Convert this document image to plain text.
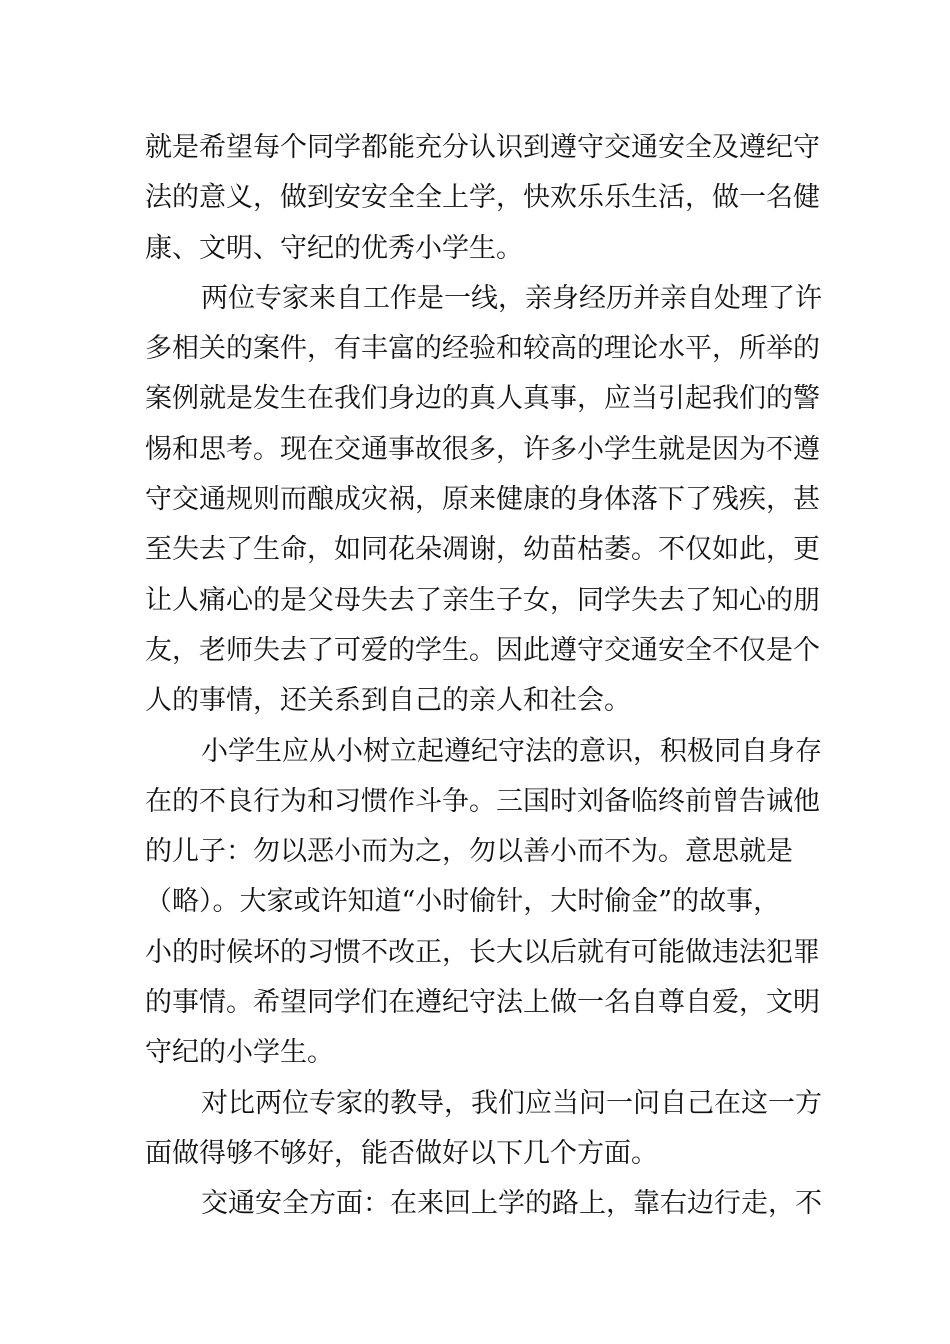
就是希望每个同学都能充分认识到遵守交通安全及遵纪守
法的意义，做到安安全全上学，快欢乐乐生活，做一名健
康、文明、守纪的优秀小学生。
两位专家来自工作是一线，亲身经历并亲自处理了许
多相关的案件，有丰富的经验和较高的理论水平，所举的
案例就是发生在我们身边的真人真事，应当引起我们的警
惕和思考。现在交通事故很多，许多小学生就是因为不遵
守交通规则而酿成灾祸，原来健康的身体落下了残疾，甚
至失去了生命，如同花朵凋谢，幼苗枯萎。不仅如此，更
让人痛心的是父母失去了亲生子女，同学失去了知心的朋
友，老师失去了可爱的学生。因此遵守交通安全不仅是个
人的事情，还关系到自己的亲人和社会。
小学生应从小树立起遵纪守法的意识，积极同自身存
在的不良行为和习惯作斗争。三国时刘备临终前曾告诫他
的儿子：勿以恶小而为之，勿以善小而不为。意思就是
（略）。大家或许知道“小时偷针，大时偷金”的故事，
小的时候坏的习惯不改正，长大以后就有可能做违法犯罪
的事情。希望同学们在遵纪守法上做一名自尊自爱，文明
守纪的小学生。
对比两位专家的教导，我们应当问一问自己在这一方
面做得够不够好，能否做好以下几个方面。
交通安全方面：在来回上学的路上，靠右边行走，不
